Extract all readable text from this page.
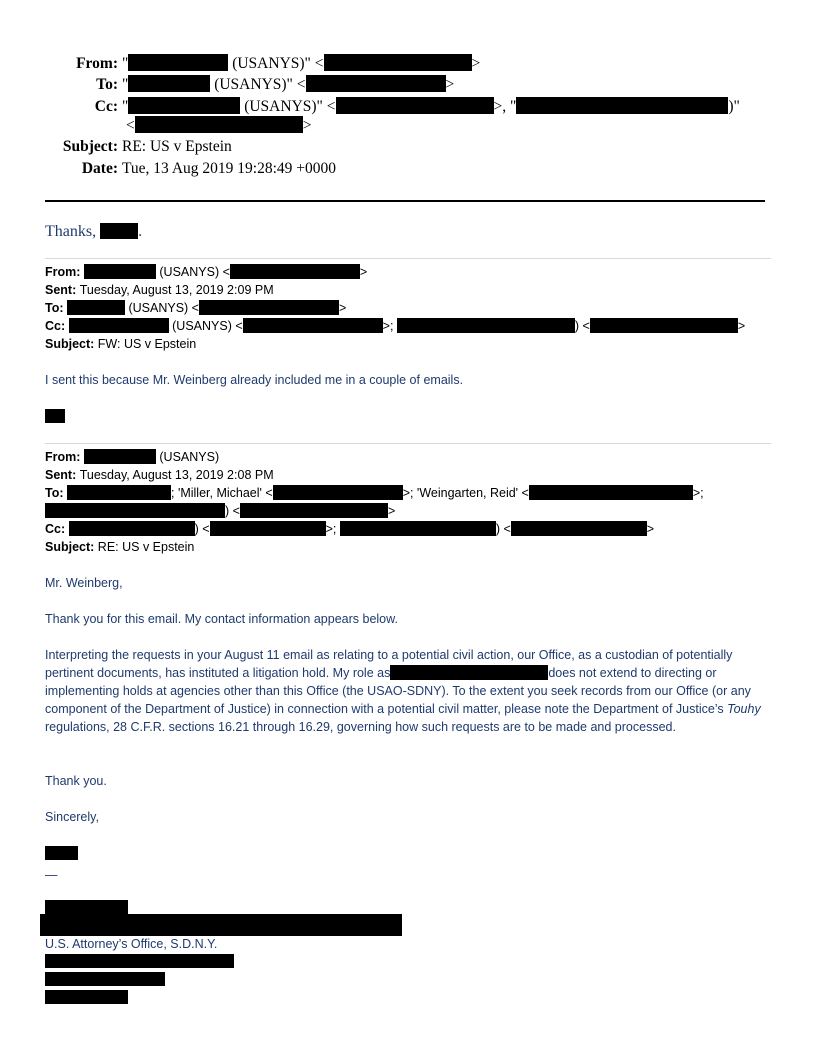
From: "	(USANYS)" <	>
To: "	(USANYS)" <	>
Cc: "	(USANYS)" <	>, "	)"
<	>
Subject: RE: US v Epstein
Date: Tue, 13 Aug 2019 19:28:49 +0000
Thanks,	.
From:	(USANYS) <	>
Sent: Tuesday, August 13, 2019 2:09 PM
To:	(USANYS) <	>
Cc:	(USANYS) <	>;	) <	>
Subject: FW: US v Epstein
I sent this because Mr. Weinberg already included me in a couple of emails.
From:	(USANYS)
Sent: Tuesday, August 13, 2019 2:08 PM
To:	; 'Miller, Michael' <	>; 'Weingarten, Reid' <	>;
) <	>
Cc:	) <	>;	) <	>
Subject: RE: US v Epstein
Mr. Weinberg,
Thank you for this email. My contact information appears below.
Interpreting the requests in your August 11 email as relating to a potential civil action, our Office, as a custodian of potentially pertinent documents, has instituted a litigation hold. My role as	does not extend to directing or implementing holds at agencies other than this Office (the USAO-SDNY). To the extent you seek records from our Office (or any component of the Department of Justice) in connection with a potential civil matter, please note the Department of Justice’s Touhy regulations, 28 C.F.R. sections 16.21 through 16.29, governing how such requests are to be made and processed.
Thank you.
Sincerely,
—
U.S. Attorney’s Office, S.D.N.Y.
